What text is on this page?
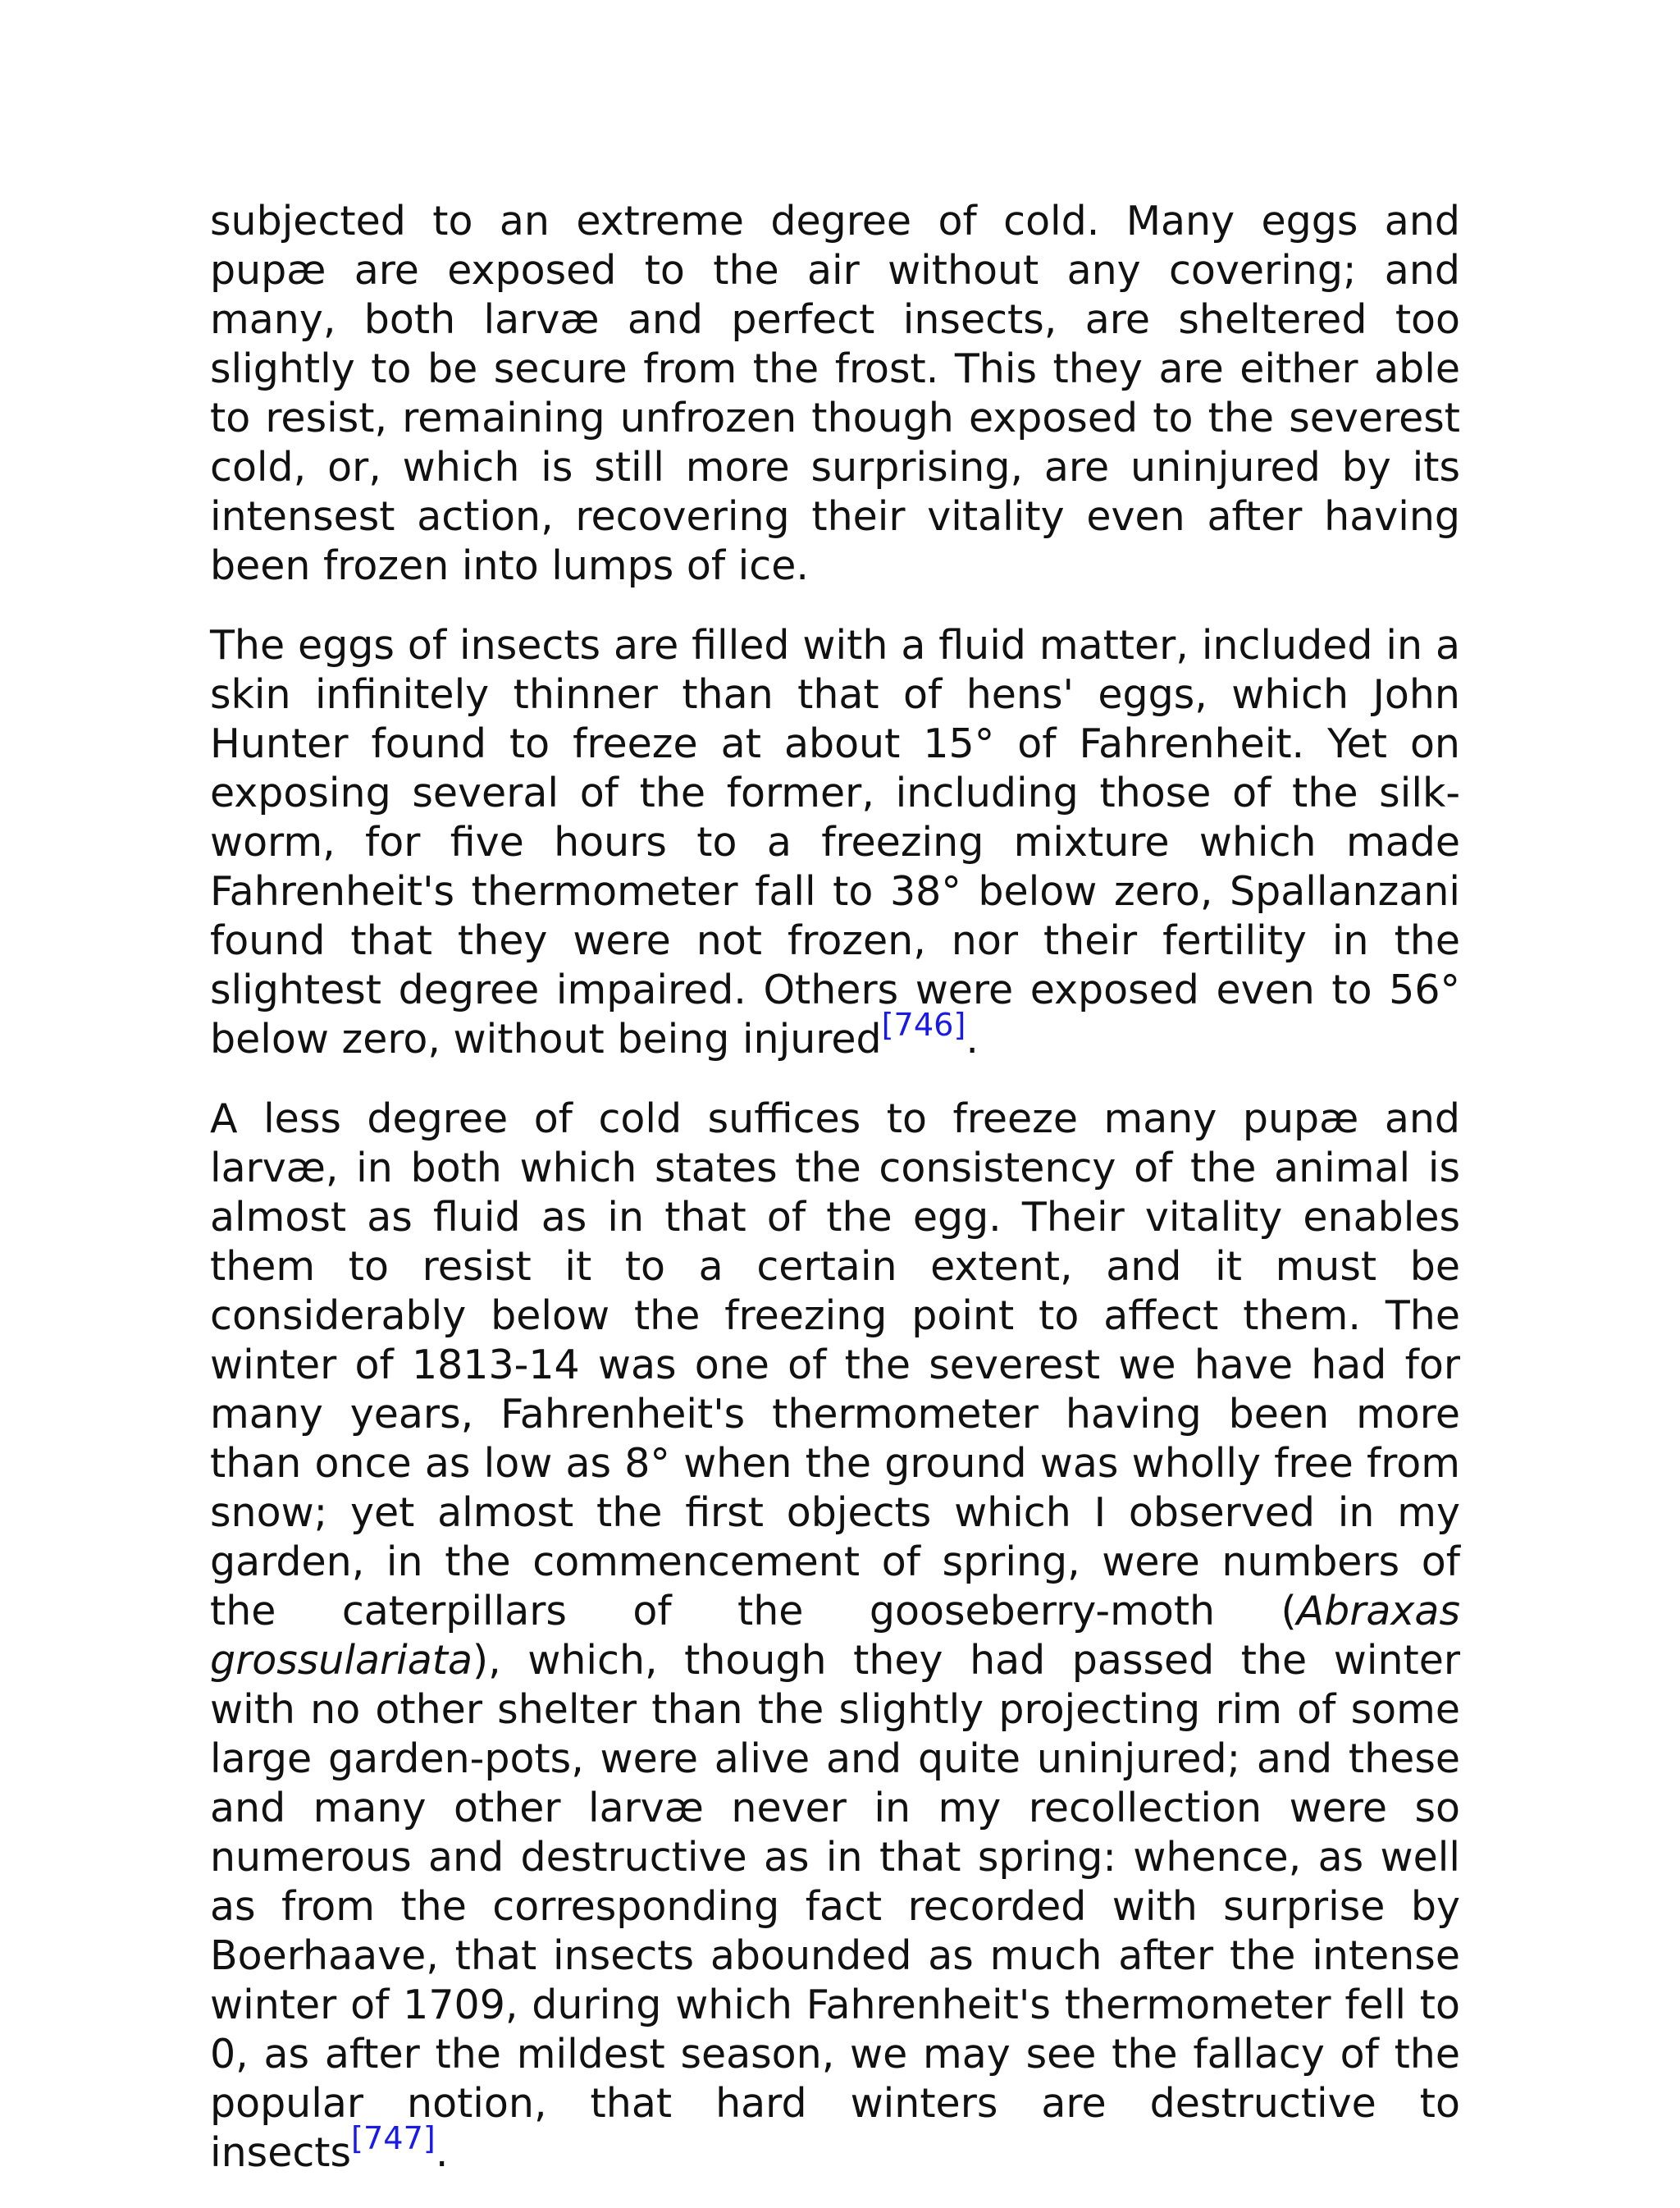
subjected to an extreme degree of cold. Many eggs and pupæ are exposed to the air without any covering; and many, both larvæ and perfect insects, are sheltered too slightly to be secure from the frost. This they are either able to resist, remaining unfrozen though exposed to the severest cold, or, which is still more surprising, are uninjured by its intensest action, recovering their vitality even after having been frozen into lumps of ice.

The eggs of insects are filled with a fluid matter, included in a skin infinitely thinner than that of hens' eggs, which John Hunter found to freeze at about 15° of Fahrenheit. Yet on exposing several of the former, including those of the silk-worm, for five hours to a freezing mixture which made Fahrenheit's thermometer fall to 38° below zero, Spallanzani found that they were not frozen, nor their fertility in the slightest degree impaired. Others were exposed even to 56° below zero, without being injured[746].

A less degree of cold suffices to freeze many pupæ and larvæ, in both which states the consistency of the animal is almost as fluid as in that of the egg. Their vitality enables them to resist it to a certain extent, and it must be considerably below the freezing point to affect them. The winter of 1813-14 was one of the severest we have had for many years, Fahrenheit's thermometer having been more than once as low as 8° when the ground was wholly free from snow; yet almost the first objects which I observed in my garden, in the commencement of spring, were numbers of the caterpillars of the gooseberry-moth (Abraxas grossulariata), which, though they had passed the winter with no other shelter than the slightly projecting rim of some large garden-pots, were alive and quite uninjured; and these and many other larvæ never in my recollection were so numerous and destructive as in that spring: whence, as well as from the corresponding fact recorded with surprise by Boerhaave, that insects abounded as much after the intense winter of 1709, during which Fahrenheit's thermometer fell to 0, as after the mildest season, we may see the fallacy of the popular notion, that hard winters are destructive to insects[747].
